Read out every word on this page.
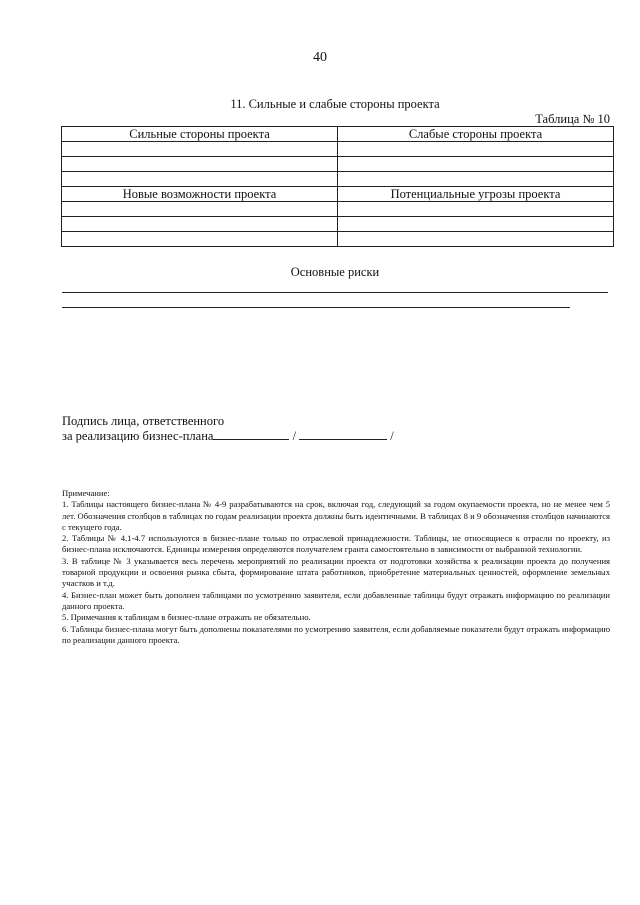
40
11. Сильные и слабые стороны проекта
Таблица № 10
Сильные стороны проекта	Слабые стороны проекта

Новые возможности проекта	Потенциальные угрозы проекта

Основные риски
Подпись лица, ответственного
за реализацию бизнес-плана	/	/

Примечание:

1. Таблицы настоящего бизнес-плана № 4-9 разрабатываются на срок, включая год, следующий за годом окупаемости проекта, но не менее чем 5 лет. Обозначения столбцов в таблицах по годам реализации проекта должны быть идентичными. В таблицах 8 и 9 обозначения столбцов начинаются с текущего года.

2. Таблицы № 4.1-4.7 используются в бизнес-плане только по отраслевой принадлежности. Таблицы, не относящиеся к отрасли по проекту, из бизнес-плана исключаются. Единицы измерения определяются получателем гранта самостоятельно в зависимости от выбранной технологии.

3. В таблице № 3 указывается весь перечень мероприятий по реализации проекта от подготовки хозяйства к реализации проекта до получения товарной продукции и освоения рынка сбыта, формирование штата работников, приобретение материальных ценностей, оформление земельных участков и т.д.

4. Бизнес-план может быть дополнен таблицами по усмотрению заявителя, если добавленные таблицы будут отражать информацию по реализации данного проекта.

5. Примечания к таблицам в бизнес-плане отражать не обязательно.

6. Таблицы бизнес-плана могут быть дополнены показателями по усмотрению заявителя, если добавляемые показатели будут отражать информацию по реализации данного проекта.
